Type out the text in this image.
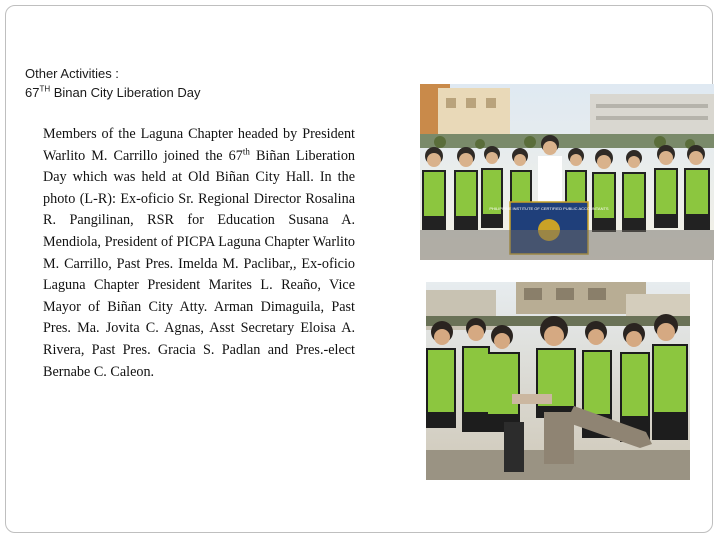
Other Activities :
67TH Binan City Liberation Day
Members of the Laguna Chapter headed by President Warlito M. Carrillo joined the 67th Biñan Liberation Day which was held at Old Biñan City Hall. In the photo (L-R): Ex-oficio Sr. Regional Director Rosalina R. Pangilinan, RSR for Education Susana A. Mendiola, President of PICPA Laguna Chapter Warlito M. Carrillo, Past Pres. Imelda M. Paclibar,, Ex-oficio Laguna Chapter President Marites L. Reaño, Vice Mayor of Biñan City Atty. Arman Dimaguila, Past Pres. Ma. Jovita C. Agnas, Asst Secretary Eloisa A. Rivera, Past Pres. Gracia S. Padlan and Pres.-elect Bernabe C. Caleon.
PHILIPPINE INSTITUTE OF CERTIFIED PUBLIC ACCOUNTANTS
